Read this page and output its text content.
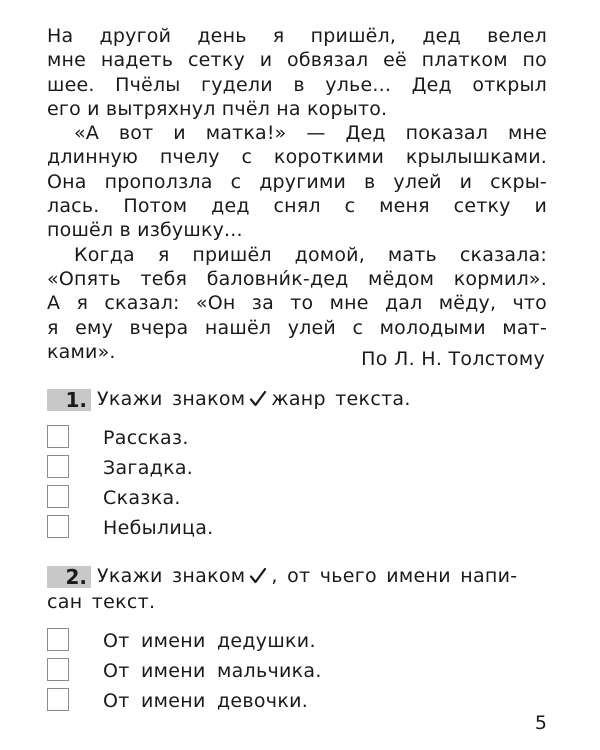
На другой день я пришёл, дед велел
мне надеть сетку и обвязал её платком по
шее. Пчёлы гудели в улье... Дед открыл
его и вытряхнул пчёл на корыто.
«А вот и матка!» — Дед показал мне
длинную пчелу с короткими крылышками.
Она проползла с другими в улей и скры-
лась. Потом дед снял с меня сетку и
пошёл в избушку...
Когда я пришёл домой, мать сказала:
«Опять тебя баловни́к-дед мёдом кормил».
А я сказал: «Он за то мне дал мёду, что
я ему вчера нашёл улей с молодыми мат-
ками».	По Л. Н. Толстому
1. Укажи знаком жанр текста.
Рассказ.
Загадка.
Сказка.
Небылица.
2. Укажи знаком , от чьего имени напи-
сан текст.
От имени дедушки.
От имени мальчика.
От имени девочки.
5
